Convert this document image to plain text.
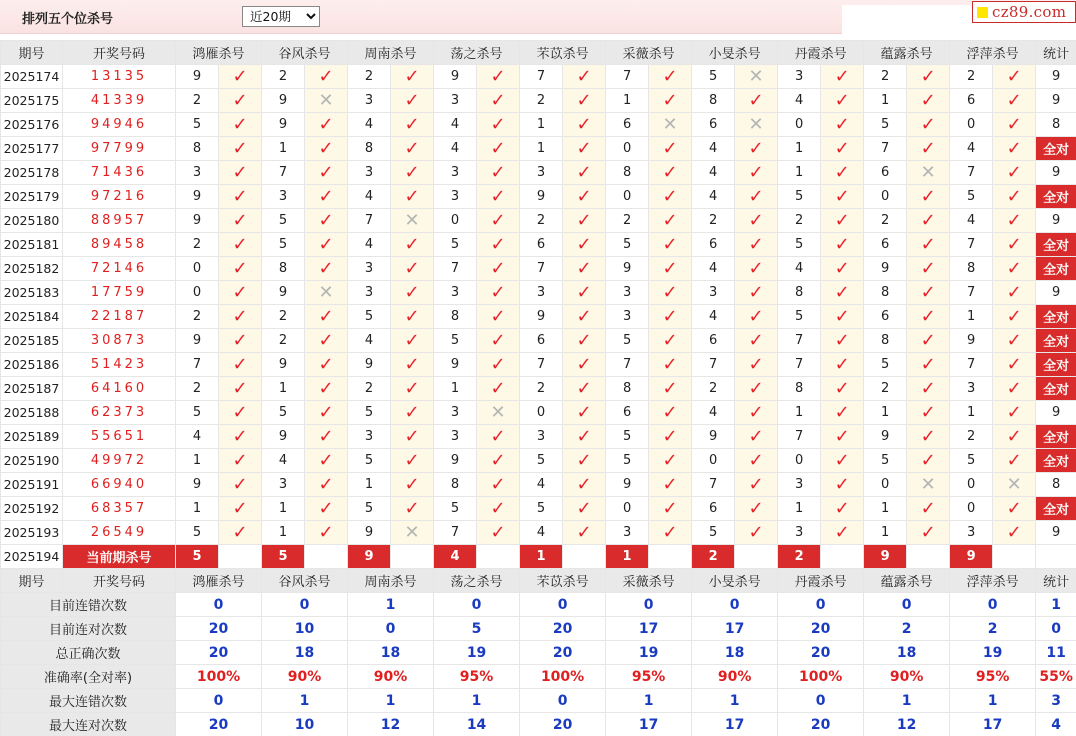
排列五个位杀号
近20期	cz89.com
期号	开奖号码	鸿雁杀号		谷风杀号		周南杀号		荡之杀号		芣苡杀号		采薇杀号		小旻杀号		丹霞杀号		蕴露杀号		浮萍杀号		统计
2025174	13135	9	✓	2	✓	2	✓	9	✓	7	✓	7	✓	5	✕	3	✓	2	✓	2	✓	9
2025175	41339	2	✓	9	✕	3	✓	3	✓	2	✓	1	✓	8	✓	4	✓	1	✓	6	✓	9
2025176	94946	5	✓	9	✓	4	✓	4	✓	1	✓	6	✕	6	✕	0	✓	5	✓	0	✓	8
2025177	97799	8	✓	1	✓	8	✓	4	✓	1	✓	0	✓	4	✓	1	✓	7	✓	4	✓	全对
2025178	71436	3	✓	7	✓	3	✓	3	✓	3	✓	8	✓	4	✓	1	✓	6	✕	7	✓	9
2025179	97216	9	✓	3	✓	4	✓	3	✓	9	✓	0	✓	4	✓	5	✓	0	✓	5	✓	全对
2025180	88957	9	✓	5	✓	7	✕	0	✓	2	✓	2	✓	2	✓	2	✓	2	✓	4	✓	9
2025181	89458	2	✓	5	✓	4	✓	5	✓	6	✓	5	✓	6	✓	5	✓	6	✓	7	✓	全对
2025182	72146	0	✓	8	✓	3	✓	7	✓	7	✓	9	✓	4	✓	4	✓	9	✓	8	✓	全对
2025183	17759	0	✓	9	✕	3	✓	3	✓	3	✓	3	✓	3	✓	8	✓	8	✓	7	✓	9
2025184	22187	2	✓	2	✓	5	✓	8	✓	9	✓	3	✓	4	✓	5	✓	6	✓	1	✓	全对
2025185	30873	9	✓	2	✓	4	✓	5	✓	6	✓	5	✓	6	✓	7	✓	8	✓	9	✓	全对
2025186	51423	7	✓	9	✓	9	✓	9	✓	7	✓	7	✓	7	✓	7	✓	5	✓	7	✓	全对
2025187	64160	2	✓	1	✓	2	✓	1	✓	2	✓	8	✓	2	✓	8	✓	2	✓	3	✓	全对
2025188	62373	5	✓	5	✓	5	✓	3	✕	0	✓	6	✓	4	✓	1	✓	1	✓	1	✓	9
2025189	55651	4	✓	9	✓	3	✓	3	✓	3	✓	5	✓	9	✓	7	✓	9	✓	2	✓	全对
2025190	49972	1	✓	4	✓	5	✓	9	✓	5	✓	5	✓	0	✓	0	✓	5	✓	5	✓	全对
2025191	66940	9	✓	3	✓	1	✓	8	✓	4	✓	9	✓	7	✓	3	✓	0	✕	0	✕	8
2025192	68357	1	✓	1	✓	5	✓	5	✓	5	✓	0	✓	6	✓	1	✓	1	✓	0	✓	全对
2025193	26549	5	✓	1	✓	9	✕	7	✓	4	✓	3	✓	5	✓	3	✓	1	✓	3	✓	9
2025194	当前期杀号	5		5		9		4		1		1		2		2		9		9		
期号	开奖号码	鸿雁杀号		谷风杀号		周南杀号		荡之杀号		芣苡杀号		采薇杀号		小旻杀号		丹霞杀号		蕴露杀号		浮萍杀号		统计
目前连错次数		0		0		1		0		0		0		0		0		0		0		1
目前连对次数		20		10		0		5		20		17		17		20		2		2		0
总正确次数		20		18		18		19		20		19		18		20		18		19		11
准确率(全对率)		100%		90%		90%		95%		100%		95%		90%		100%		90%		95%		55%
最大连错次数		0		1		1		1		0		1		1		0		1		1		3
最大连对次数		20		10		12		14		20		17		17		20		12		17		4
